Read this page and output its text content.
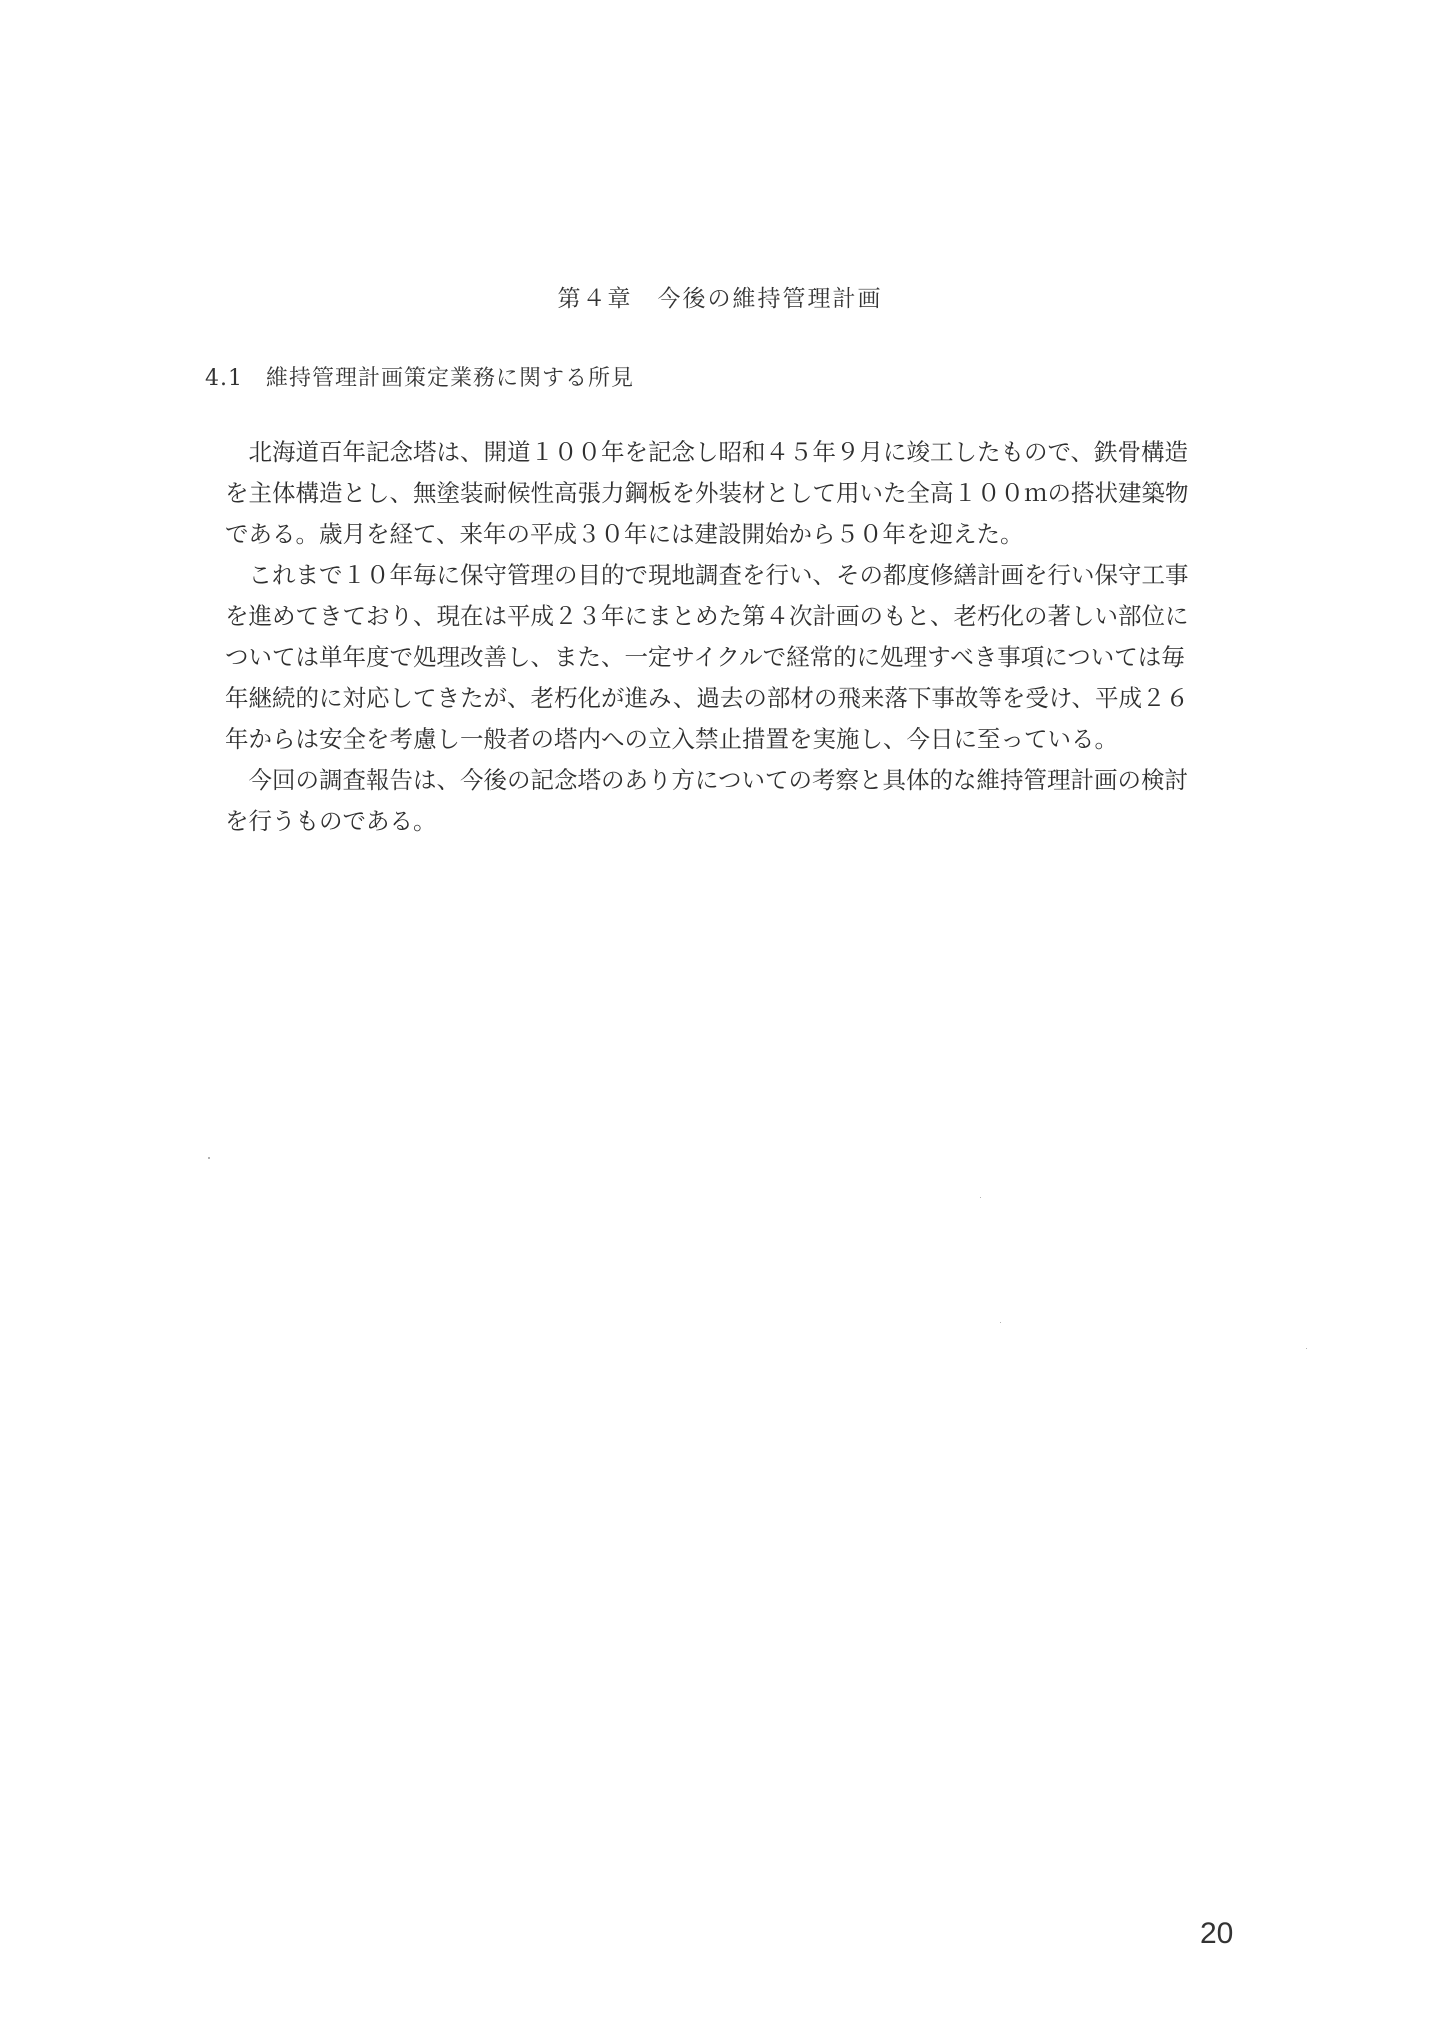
第４章　今後の維持管理計画
4.1　維持管理計画策定業務に関する所見

北海道百年記念塔は、開道１００年を記念し昭和４５年９月に竣工したもので、鉄骨構造を主体構造とし、無塗装耐候性高張力鋼板を外装材として用いた全高１００ｍの搭状建築物である。歳月を経て、来年の平成３０年には建設開始から５０年を迎えた。

これまで１０年毎に保守管理の目的で現地調査を行い、その都度修繕計画を行い保守工事を進めてきており、現在は平成２３年にまとめた第４次計画のもと、老朽化の著しい部位については単年度で処理改善し、また、一定サイクルで経常的に処理すべき事項については毎年継続的に対応してきたが、老朽化が進み、過去の部材の飛来落下事故等を受け、平成２６年からは安全を考慮し一般者の塔内への立入禁止措置を実施し、今日に至っている。

今回の調査報告は、今後の記念塔のあり方についての考察と具体的な維持管理計画の検討を行うものである。

20
